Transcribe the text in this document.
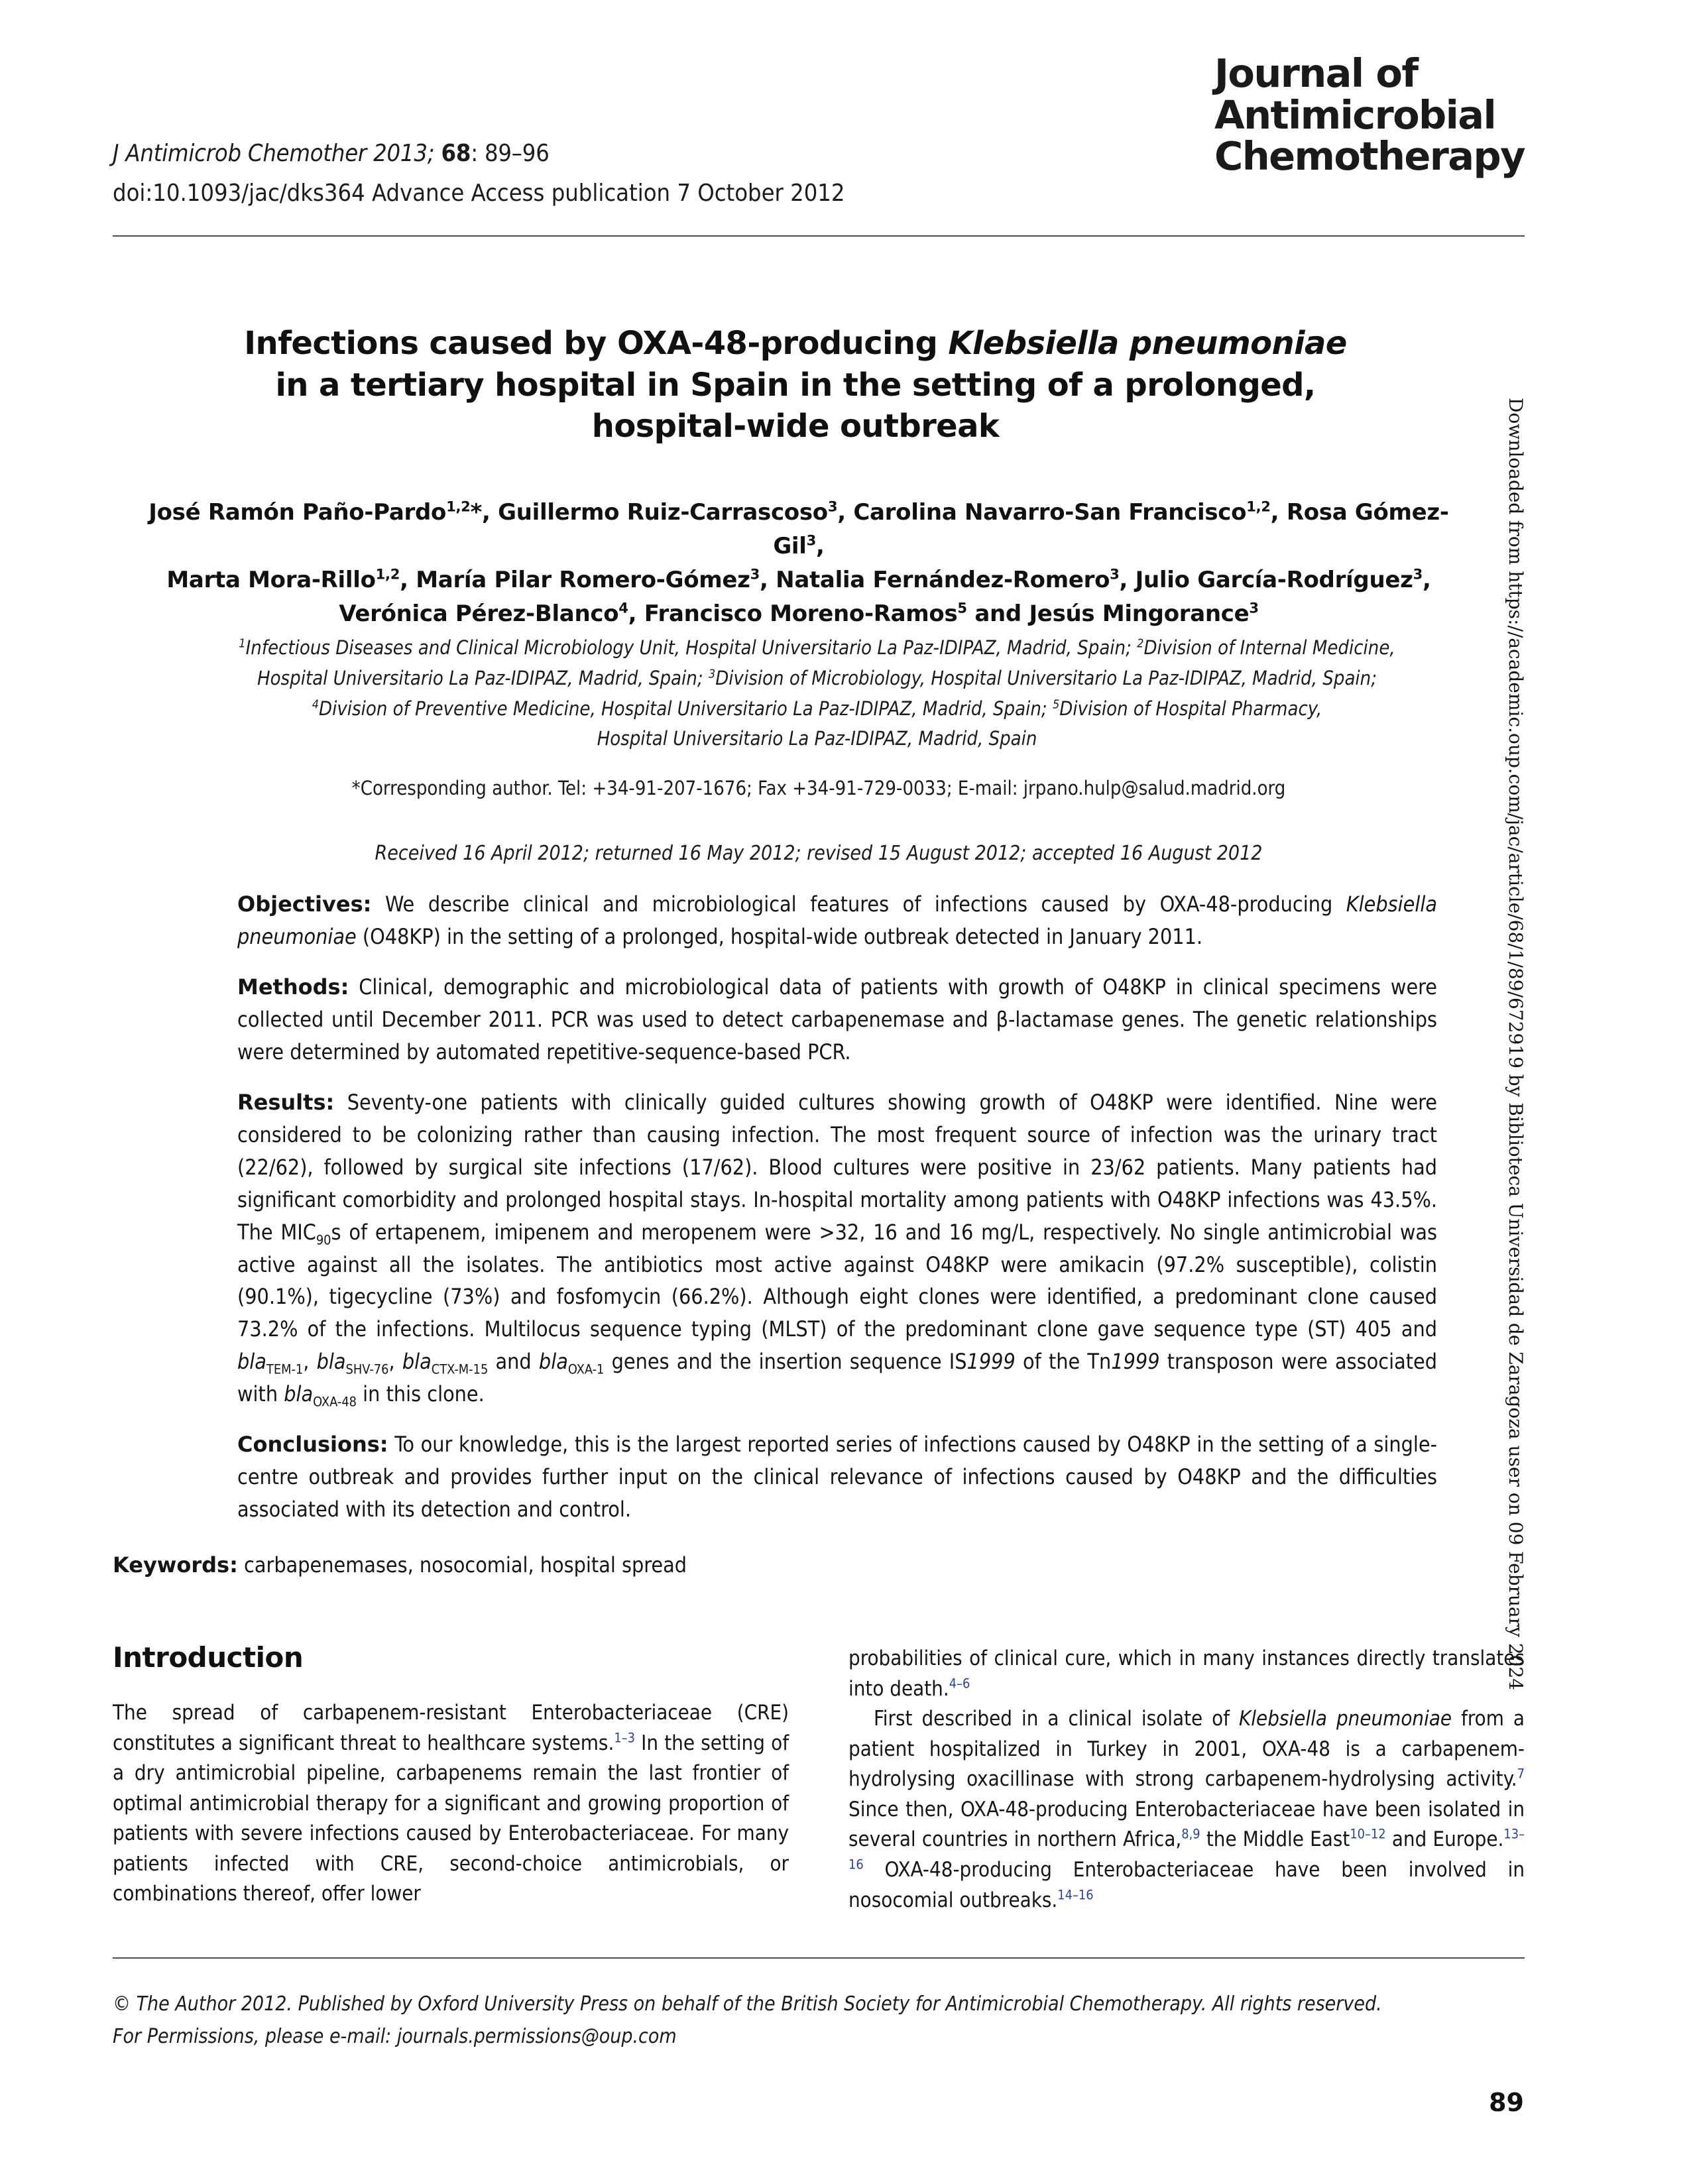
J Antimicrob Chemother 2013; 68: 89–96
doi:10.1093/jac/dks364 Advance Access publication 7 October 2012
Journal of
Antimicrobial
Chemotherapy
Infections caused by OXA-48-producing Klebsiella pneumoniae
in a tertiary hospital in Spain in the setting of a prolonged,
hospital-wide outbreak
José Ramón Paño-Pardo$^{1,2}$*, Guillermo Ruiz-Carrascoso$^3$, Carolina Navarro-San Francisco$^{1,2}$, Rosa Gómez-Gil$^3$,
Marta Mora-Rillo$^{1,2}$, María Pilar Romero-Gómez$^3$, Natalia Fernández-Romero$^3$, Julio García-Rodríguez$^3$,
Verónica Pérez-Blanco$^4$, Francisco Moreno-Ramos$^5$ and Jesús Mingorance$^3$
$^1$Infectious Diseases and Clinical Microbiology Unit, Hospital Universitario La Paz-IDIPAZ, Madrid, Spain; $^2$Division of Internal Medicine,
Hospital Universitario La Paz-IDIPAZ, Madrid, Spain; $^3$Division of Microbiology, Hospital Universitario La Paz-IDIPAZ, Madrid, Spain;
$^4$Division of Preventive Medicine, Hospital Universitario La Paz-IDIPAZ, Madrid, Spain; $^5$Division of Hospital Pharmacy,
Hospital Universitario La Paz-IDIPAZ, Madrid, Spain
*Corresponding author. Tel: +34-91-207-1676; Fax +34-91-729-0033; E-mail: jrpano.hulp@salud.madrid.org
Received 16 April 2012; returned 16 May 2012; revised 15 August 2012; accepted 16 August 2012

Objectives: We describe clinical and microbiological features of infections caused by OXA-48-producing Klebsiella pneumoniae (O48KP) in the setting of a prolonged, hospital-wide outbreak detected in January 2011.

Methods: Clinical, demographic and microbiological data of patients with growth of O48KP in clinical specimens were collected until December 2011. PCR was used to detect carbapenemase and β-lactamase genes. The genetic relationships were determined by automated repetitive-sequence-based PCR.

Results: Seventy-one patients with clinically guided cultures showing growth of O48KP were identified. Nine were considered to be colonizing rather than causing infection. The most frequent source of infection was the urinary tract (22/62), followed by surgical site infections (17/62). Blood cultures were positive in 23/62 patients. Many patients had significant comorbidity and prolonged hospital stays. In-hospital mortality among patients with O48KP infections was 43.5%. The $MIC_{90}s$ of ertapenem, imipenem and meropenem were >32, 16 and 16 mg/L, respectively. No single antimicrobial was active against all the isolates. The antibiotics most active against O48KP were amikacin (97.2% susceptible), colistin (90.1%), tigecycline (73%) and fosfomycin (66.2%). Although eight clones were identified, a predominant clone caused 73.2% of the infections. Multilocus sequence typing (MLST) of the predominant clone gave sequence type (ST) 405 and bla$_{TEM-1}$, bla$_{SHV-76}$, bla$_{CTX-M-15}$ and bla$_{OXA-1}$ genes and the insertion sequence IS1999 of the Tn1999 transposon were associated with bla$_{OXA-48}$ in this clone.

Conclusions: To our knowledge, this is the largest reported series of infections caused by O48KP in the setting of a single-centre outbreak and provides further input on the clinical relevance of infections caused by O48KP and the difficulties associated with its detection and control.

Keywords: carbapenemases, nosocomial, hospital spread
Introduction

The spread of carbapenem-resistant Enterobacteriaceae (CRE) constitutes a significant threat to healthcare systems.$^{1-3}$ In the setting of a dry antimicrobial pipeline, carbapenems remain the last frontier of optimal antimicrobial therapy for a significant and growing proportion of patients with severe infections caused by Enterobacteriaceae. For many patients infected with CRE, second-choice antimicrobials, or combinations thereof, offer lower

probabilities of clinical cure, which in many instances directly translates into death.$^{4-6}$

First described in a clinical isolate of Klebsiella pneumoniae from a patient hospitalized in Turkey in 2001, OXA-48 is a carbapenem-hydrolysing oxacillinase with strong carbapenem-hydrolysing activity.$^7$ Since then, OXA-48-producing Enterobacteriaceae have been isolated in several countries in northern Africa,$^{8,9}$ the Middle East$^{10-12}$ and Europe.$^{13-16}$ OXA-48-producing Enterobacteriaceae have been involved in nosocomial outbreaks.$^{14-16}$

© The Author 2012. Published by Oxford University Press on behalf of the British Society for Antimicrobial Chemotherapy. All rights reserved.
For Permissions, please e-mail: journals.permissions@oup.com
89
Downloaded from https://academic.oup.com/jac/article/68/1/89/672919 by Biblioteca Universidad de Zaragoza user on 09 February 2024
